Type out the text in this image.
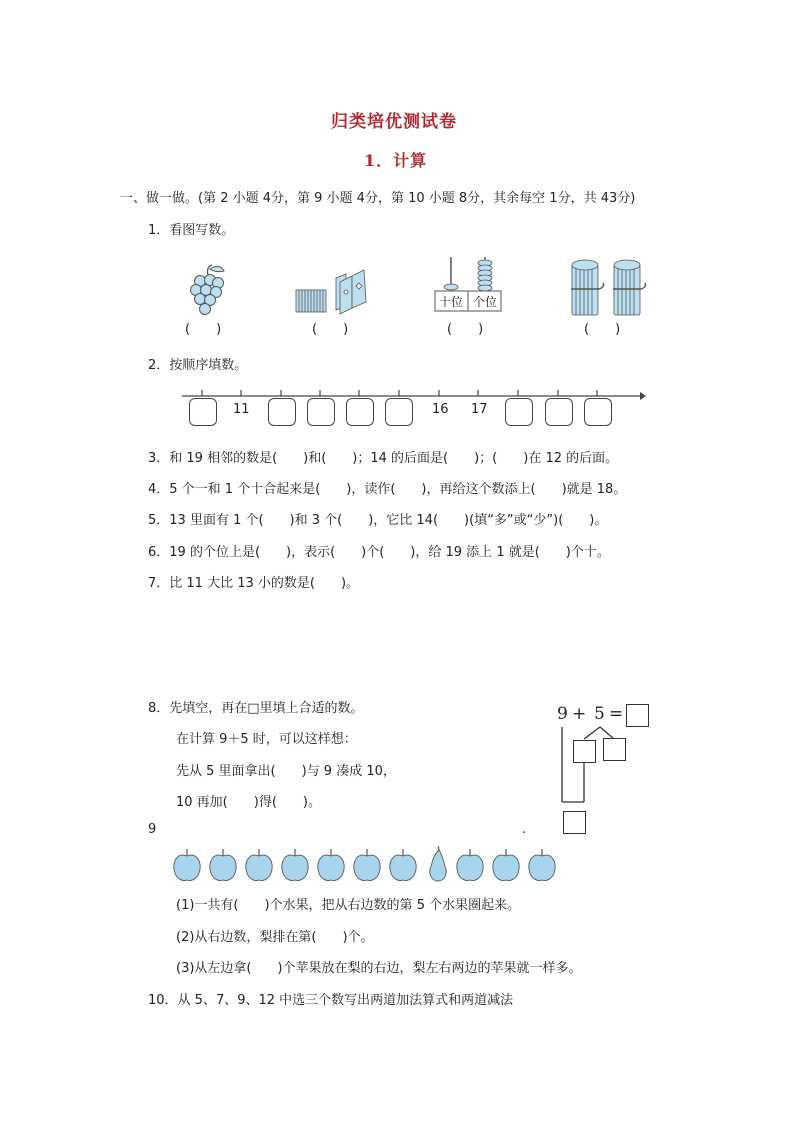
归类培优测试卷
1．计算
一、做一做。(第 2 小题 4分，第 9 小题 4分，第 10 小题 8分，其余每空 1分，共 43分)
1．看图写数。
(　　)	(　　)
十位 个位
(　　)	(　　)
2．按顺序填数。
11	16 17
3．和 19 相邻的数是(　　)和(　　)；14 的后面是(　　)；(　　)在 12 的后面。
4．5 个一和 1 个十合起来是(　　)，读作(　　)，再给这个数添上(　　)就是 18。
5．13 里面有 1 个(　　)和 3 个(　　)，它比 14(　　)(填“多”或“少”)(　　)。
6．19 的个位上是(　　)，表示(　　)个(　　)，给 19 添上 1 就是(　　)个十。
7．比 11 大比 13 小的数是(　　)。
8．先填空，再在□里填上合适的数。
在计算 9＋5 时，可以这样想：
先从 5 里面拿出(　　)与 9 凑成 10，
10 再加(　　)得(　　)。
9 + 5 =
9	.
(1)一共有(　　)个水果，把从右边数的第 5 个水果圈起来。
(2)从右边数，梨排在第(　　)个。
(3)从左边拿(　　)个苹果放在梨的右边，梨左右两边的苹果就一样多。
10．从 5、7、9、12 中选三个数写出两道加法算式和两道减法
